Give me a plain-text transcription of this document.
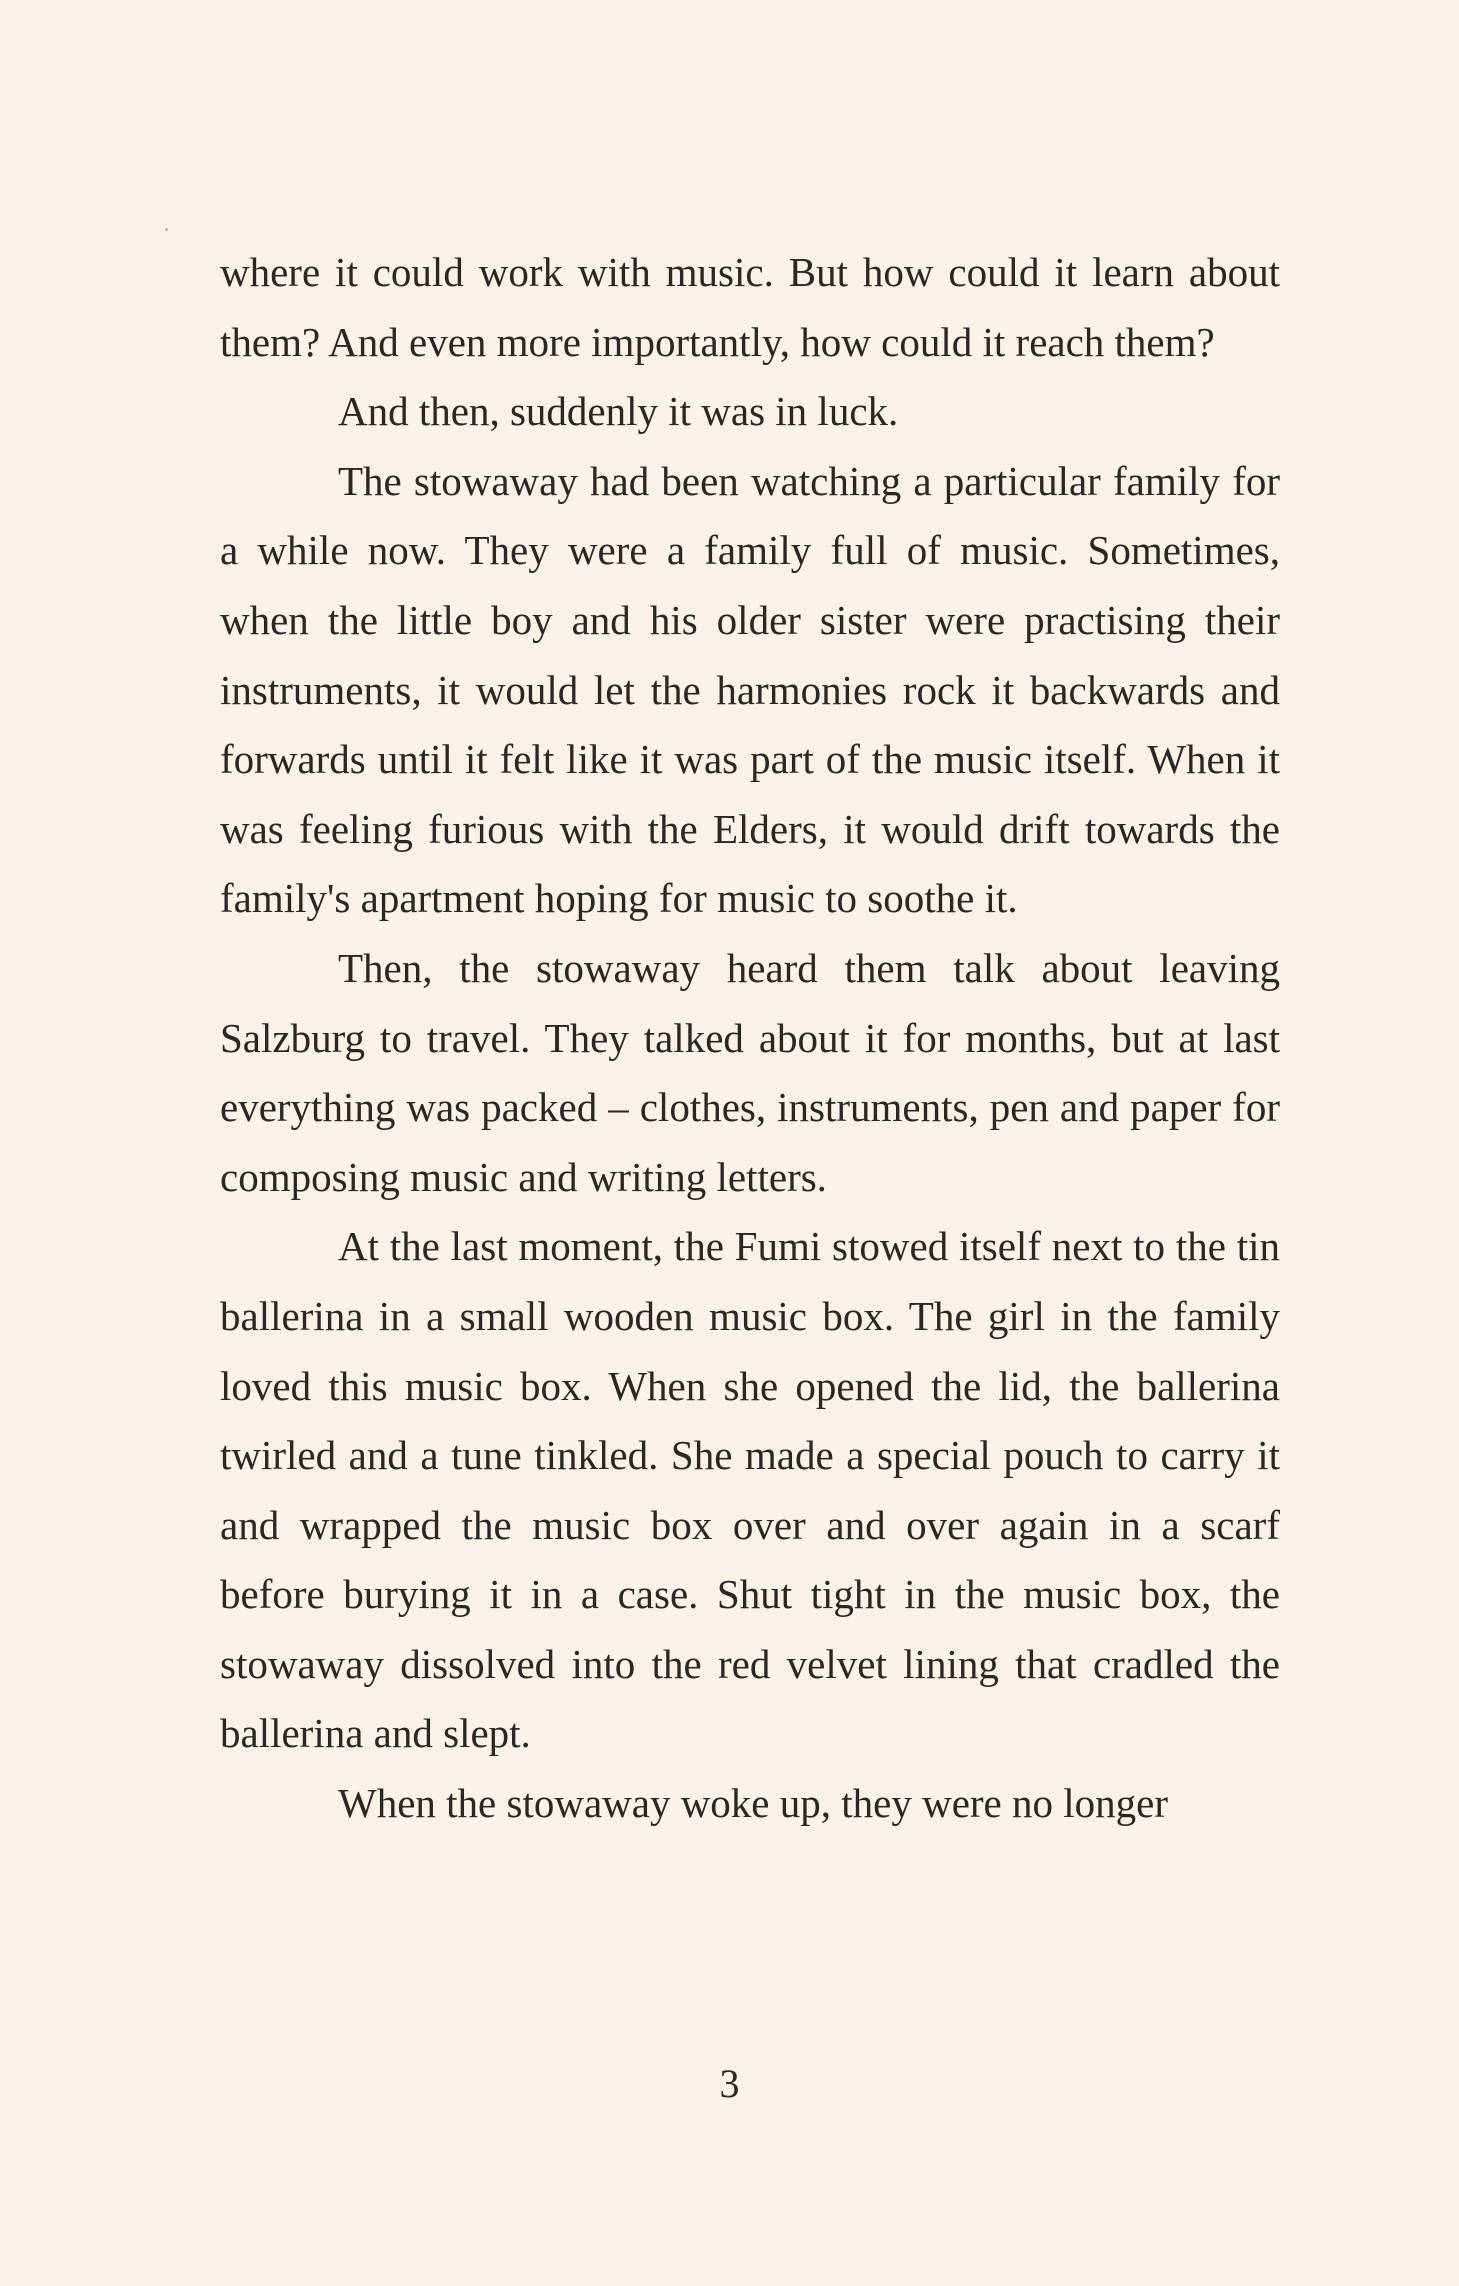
where it could work with music. But how could it learn about them? And even more importantly, how could it reach them?

And then, suddenly it was in luck.

The stowaway had been watching a particular family for a while now. They were a family full of music. Sometimes, when the little boy and his older sister were practising their instruments, it would let the harmonies rock it backwards and forwards until it felt like it was part of the music itself. When it was feeling furious with the Elders, it would drift towards the family's apartment hoping for music to soothe it.

Then, the stowaway heard them talk about leaving Salzburg to travel. They talked about it for months, but at last everything was packed – clothes, instruments, pen and paper for composing music and writing letters.

At the last moment, the Fumi stowed itself next to the tin ballerina in a small wooden music box. The girl in the family loved this music box. When she opened the lid, the ballerina twirled and a tune tinkled. She made a special pouch to carry it and wrapped the music box over and over again in a scarf before burying it in a case. Shut tight in the music box, the stowaway dissolved into the red velvet lining that cradled the ballerina and slept.

When the stowaway woke up, they were no longer

3
